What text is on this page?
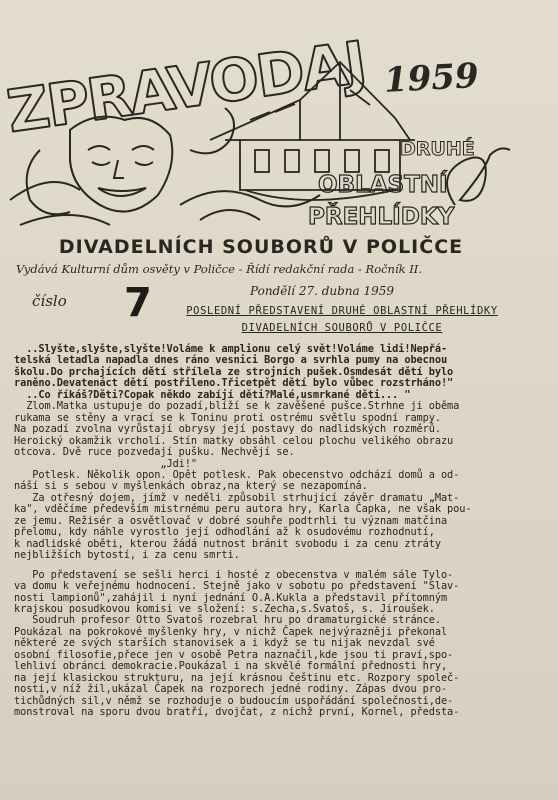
ZPRAVODAJ 1959
DRUHÉ
OBLASTNÍ
PŘEHLÍDKY
DIVADELNÍCH SOUBORŮ V POLIČCE
Vydává Kulturní dům osvěty v Poličce - Řídí redakční rada - Ročník II.
Pondělí 27. dubna 1959
číslo 7	POSLEDNÍ PŘEDSTAVENÍ DRUHÉ OBLASTNÍ PŘEHLÍDKY
DIVADELNÍCH SOUBORŮ V POLIČCE
..Slyšte,slyšte,slyšte!Voláme k amplionu celý svět!Voláme lidi!Nepřá-
telská letadla napadla dnes ráno vesnici Borgo a svrhla pumy na obecnou
školu.Do prchajících dětí střílela ze strojních pušek.Osmdesát dětí bylo
raněno.Devatenáct dětí postřileno.Třicetpět dětí bylo vůbec rozstrháno!"
..Co říkáš?Děti?Copak někdo zabíjí děti?Malé,usmrkané děti... "
Zlom.Matka ustupuje do pozadí,blíží se k zavěšené pušce.Strhne ji oběma
rukama se stěny a vrací se k Toninu proti ostrému světlu spodní rampy.
Na pozadí zvolna vyrůstají obrysy její postavy do nadlidských rozměrů.
Heroický okamžik vrcholí. Stín matky obsáhl celou plochu velikého obrazu
otcova. Dvě ruce pozvedají pušku. Nechvějí se.
„Jdi!"
Potlesk. Několik opon. Opět potlesk. Pak obecenstvo odchází domů a od-
náší si s sebou v myšlenkách obraz,na který se nezapomíná.
Za otřesný dojem, jímž v neděli způsobil strhující závěr dramatu „Mat-
ka", vděčíme především mistrnému peru autora hry, Karla Čapka, ne však pou-
ze jemu. Režisér a osvětlovač v dobré souhře podtrhli tu význam matčina
přelomu, kdy náhle vyrostlo její odhodlání až k osudovému rozhodnutí,
k nadlidské oběti, kterou žádá nutnost bránit svobodu i za cenu ztráty
nejbližších bytostí, i za cenu smrti.
Po představení se sešli herci i hosté z obecenstva v malém sále Tylo-
va domu k veřejnému hodnocení. Stejně jako v sobotu po představení "Slav-
nosti lampionů",zahájil i nyní jednání O.A.Kukla a představil přítomným
krajskou posudkovou komisi ve složení: s.Zecha,s.Svatoš, s. Jiroušek.
Soudruh profesor Otto Svatoš rozebral hru po dramaturgické stránce.
Poukázal na pokrokové myšlenky hry, v nichž Čapek nejvýrazněji překonal
některé ze svých starších stanovisek a i když se tu nijak nevzdal své
osobní filosofie,přece jen v osobě Petra naznačil,kde jsou ti praví,spo-
lehliví obránci demokracie.Poukázal i na skvělé formální přednosti hry,
na její klasickou strukturu, na její krásnou češtinu etc. Rozpory společ-
nosti,v níž žil,ukázal Čapek na rozporech jedné rodiny. Zápas dvou pro-
tichůdných sil,v němž se rozhoduje o budoucím uspořádání společnosti,de-
monstroval na sporu dvou bratří, dvojčat, z nichž první, Kornel, předsta-
